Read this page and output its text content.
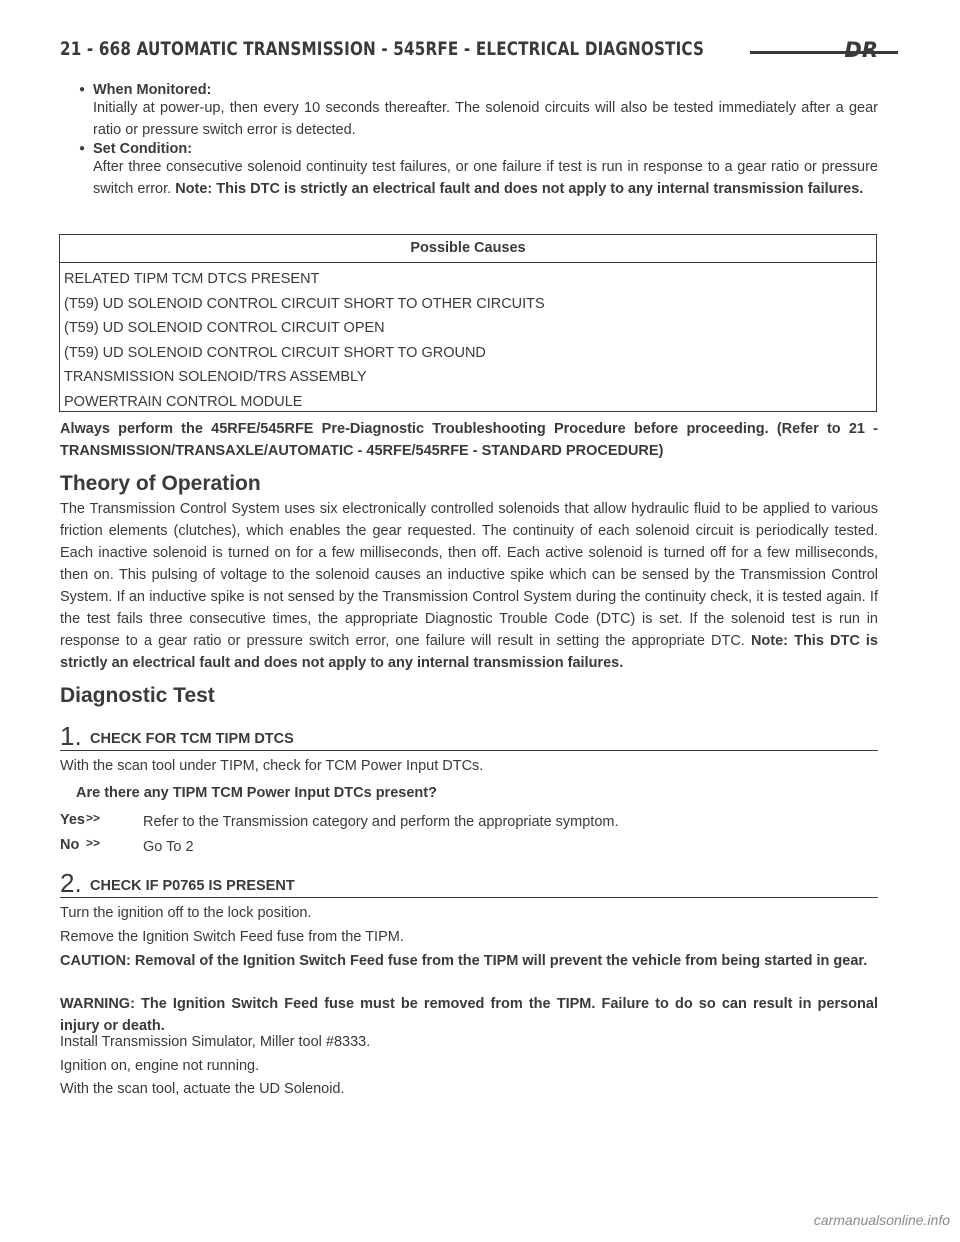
21 - 668 AUTOMATIC TRANSMISSION - 545RFE - ELECTRICAL DIAGNOSTICS	DR
● When Monitored:
Initially at power-up, then every 10 seconds thereafter. The solenoid circuits will also be tested immediately after a gear ratio or pressure switch error is detected.
● Set Condition:
After three consecutive solenoid continuity test failures, or one failure if test is run in response to a gear ratio or pressure switch error. Note: This DTC is strictly an electrical fault and does not apply to any internal transmission failures.
Possible Causes
RELATED TIPM TCM DTCS PRESENT
(T59) UD SOLENOID CONTROL CIRCUIT SHORT TO OTHER CIRCUITS
(T59) UD SOLENOID CONTROL CIRCUIT OPEN
(T59) UD SOLENOID CONTROL CIRCUIT SHORT TO GROUND
TRANSMISSION SOLENOID/TRS ASSEMBLY
POWERTRAIN CONTROL MODULE
Always perform the 45RFE/545RFE Pre-Diagnostic Troubleshooting Procedure before proceeding. (Refer to 21 - TRANSMISSION/TRANSAXLE/AUTOMATIC - 45RFE/545RFE - STANDARD PROCEDURE)
Theory of Operation
The Transmission Control System uses six electronically controlled solenoids that allow hydraulic fluid to be applied to various friction elements (clutches), which enables the gear requested. The continuity of each solenoid circuit is periodically tested. Each inactive solenoid is turned on for a few milliseconds, then off. Each active solenoid is turned off for a few milliseconds, then on. This pulsing of voltage to the solenoid causes an inductive spike which can be sensed by the Transmission Control System. If an inductive spike is not sensed by the Transmission Control System during the continuity check, it is tested again. If the test fails three consecutive times, the appropriate Diagnostic Trouble Code (DTC) is set. If the solenoid test is run in response to a gear ratio or pressure switch error, one failure will result in setting the appropriate DTC. Note: This DTC is strictly an electrical fault and does not apply to any internal transmission failures.
Diagnostic Test
1. CHECK FOR TCM TIPM DTCS
With the scan tool under TIPM, check for TCM Power Input DTCs.
Are there any TIPM TCM Power Input DTCs present?
Yes >>	Refer to the Transmission category and perform the appropriate symptom.
No >>	Go To 2
2. CHECK IF P0765 IS PRESENT
Turn the ignition off to the lock position.
Remove the Ignition Switch Feed fuse from the TIPM.
CAUTION: Removal of the Ignition Switch Feed fuse from the TIPM will prevent the vehicle from being started in gear.
WARNING: The Ignition Switch Feed fuse must be removed from the TIPM. Failure to do so can result in personal injury or death.
Install Transmission Simulator, Miller tool #8333.
Ignition on, engine not running.
With the scan tool, actuate the UD Solenoid.
carmanualsonline.info
